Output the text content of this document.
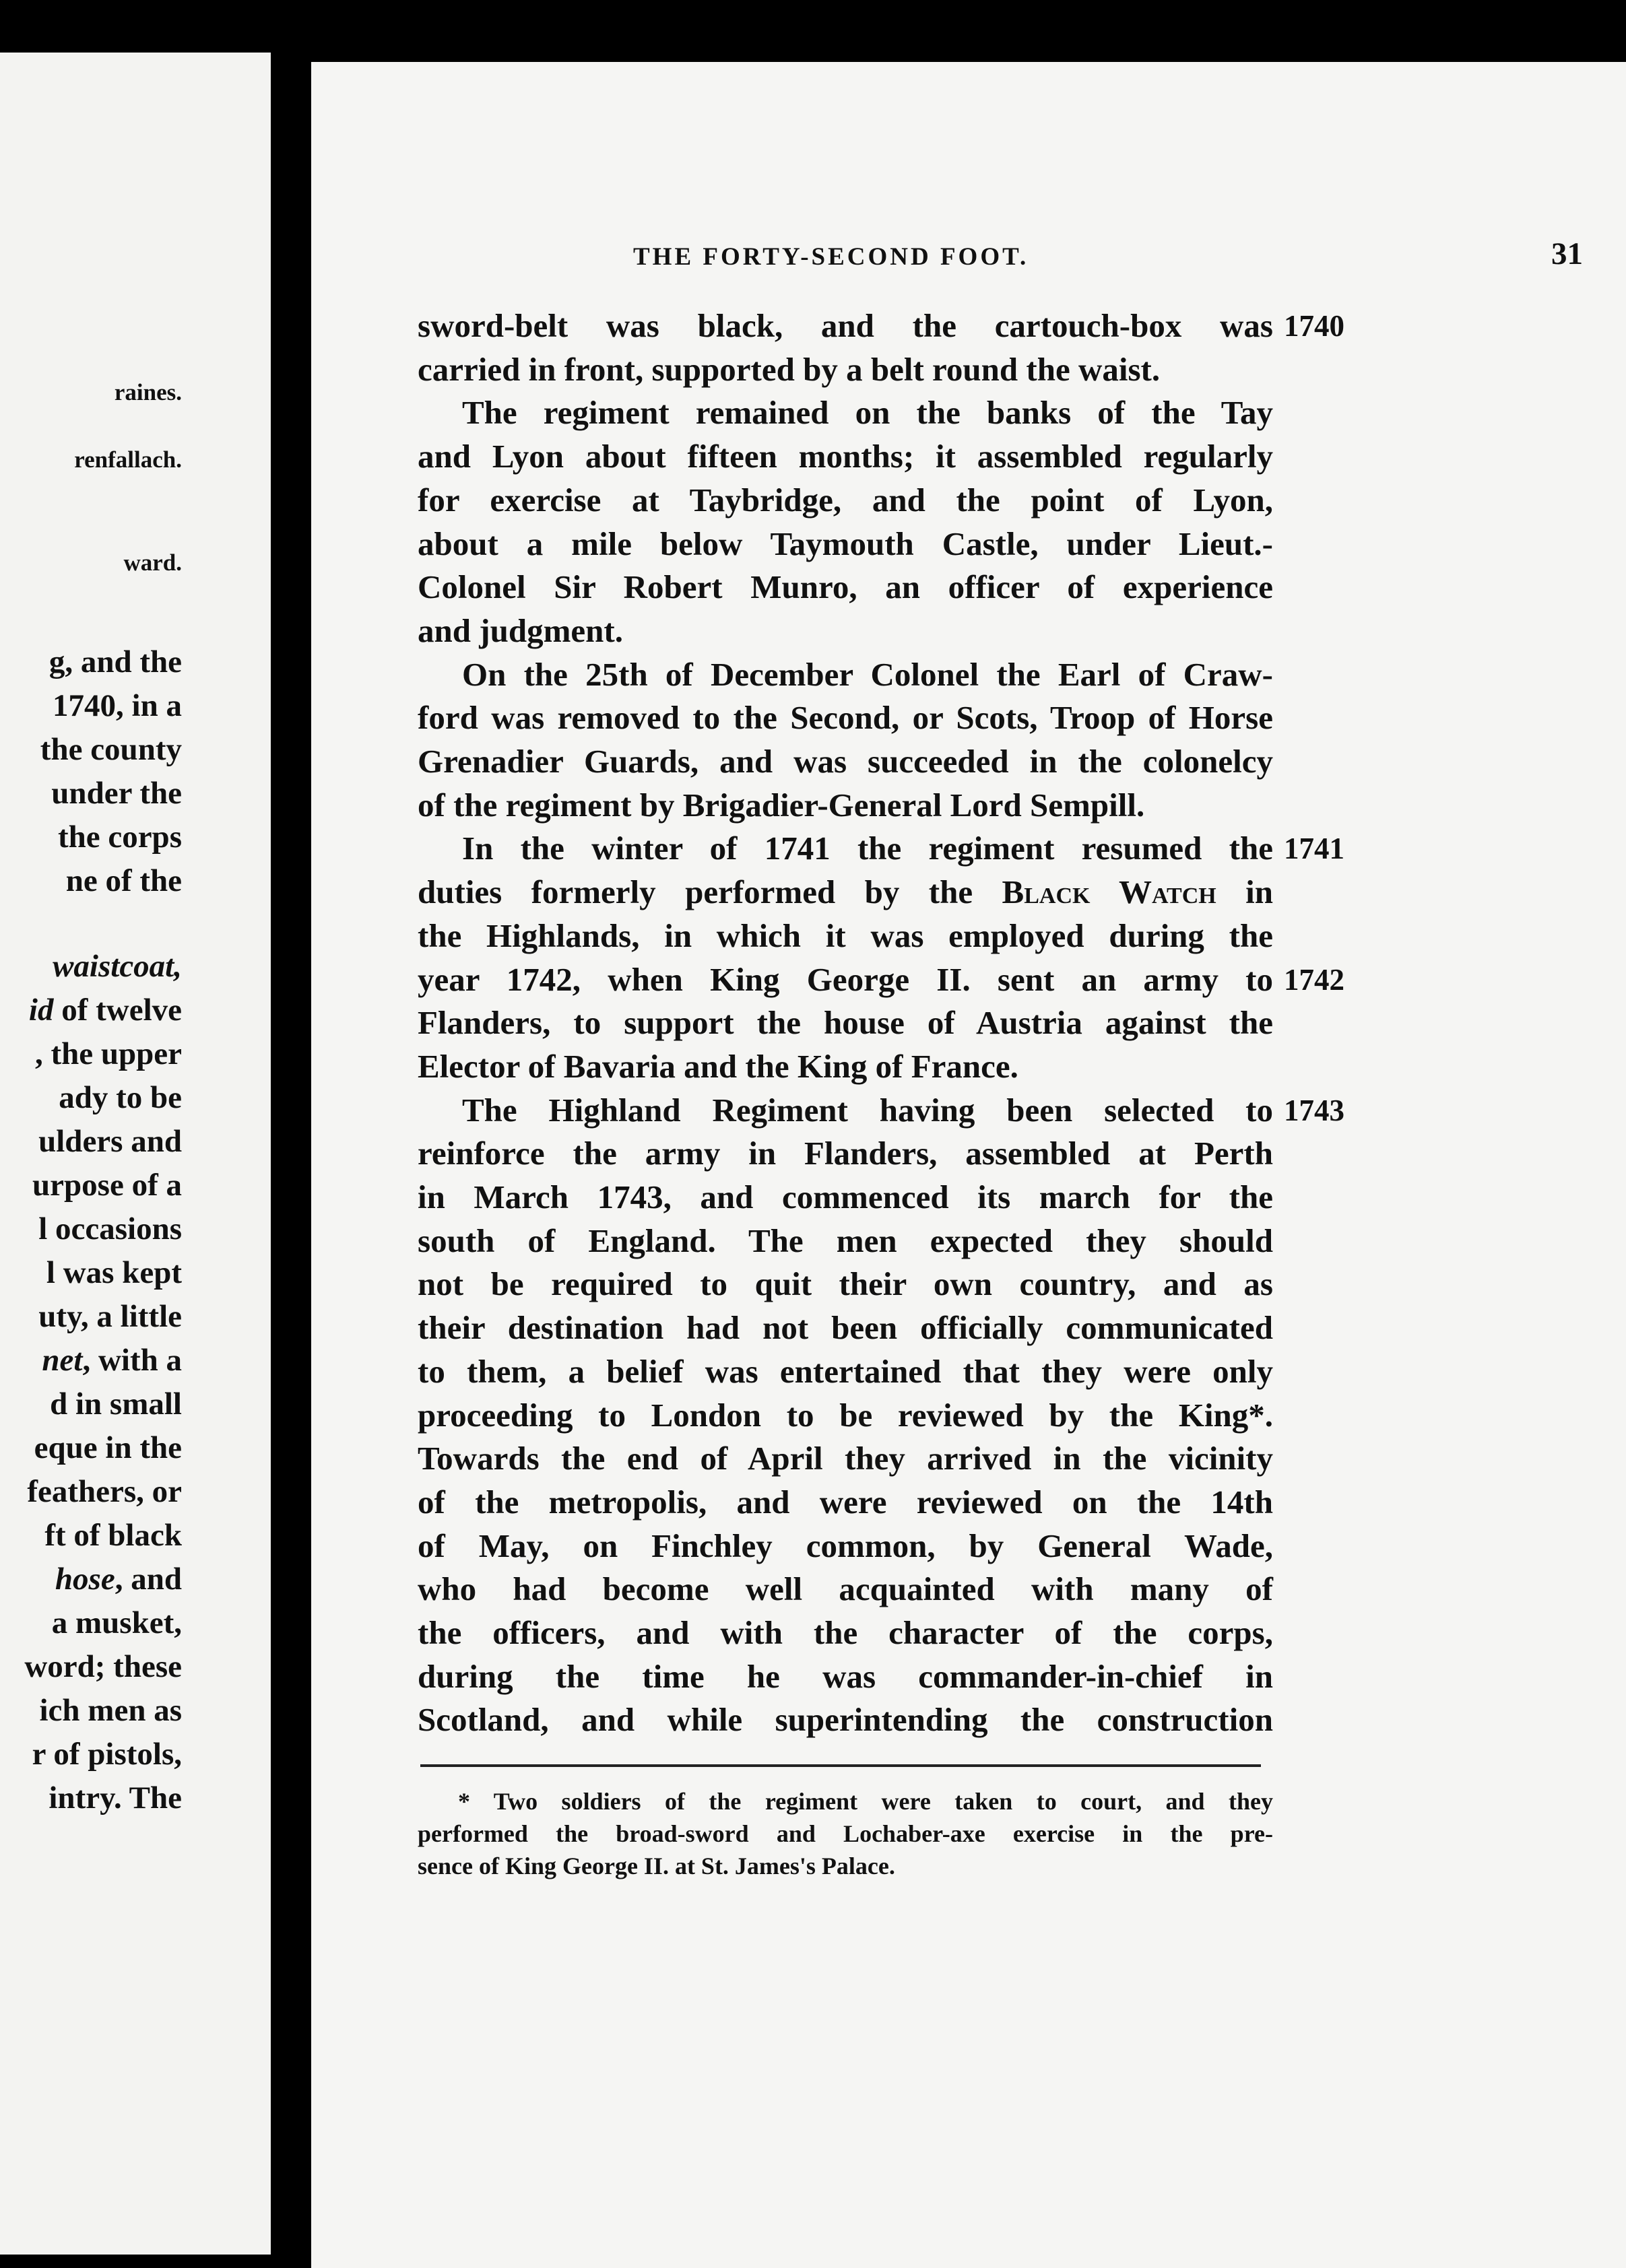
raines.
renfallach.
ward.
g, and the
1740, in a
the county
under the
the corps
ne of the
waistcoat,
id of twelve
, the upper
ady to be
ulders and
urpose of a
l occasions
l was kept
uty, a little
net, with a
d in small
eque in the
feathers, or
ft of black
hose, and
a musket,
word; these
ich men as
r of pistols,
intry. The
THE FORTY-SECOND FOOT.	31
sword-belt was black, and the cartouch-box was
carried in front, supported by a belt round the waist.
The regiment remained on the banks of the Tay
and Lyon about fifteen months; it assembled regularly
for exercise at Taybridge, and the point of Lyon,
about a mile below Taymouth Castle, under Lieut.-
Colonel Sir Robert Munro, an officer of experience
and judgment.
On the 25th of December Colonel the Earl of Craw-
ford was removed to the Second, or Scots, Troop of Horse
Grenadier Guards, and was succeeded in the colonelcy
of the regiment by Brigadier-General Lord Sempill.
In the winter of 1741 the regiment resumed the
duties formerly performed by the Black Watch in
the Highlands, in which it was employed during the
year 1742, when King George II. sent an army to
Flanders, to support the house of Austria against the
Elector of Bavaria and the King of France.
The Highland Regiment having been selected to
reinforce the army in Flanders, assembled at Perth
in March 1743, and commenced its march for the
south of England. The men expected they should
not be required to quit their own country, and as
their destination had not been officially communicated
to them, a belief was entertained that they were only
proceeding to London to be reviewed by the King*.
Towards the end of April they arrived in the vicinity
of the metropolis, and were reviewed on the 14th
of May, on Finchley common, by General Wade,
who had become well acquainted with many of
the officers, and with the character of the corps,
during the time he was commander-in-chief in
Scotland, and while superintending the construction
1740
1741
1742
1743
* Two soldiers of the regiment were taken to court, and they
performed the broad-sword and Lochaber-axe exercise in the pre-
sence of King George II. at St. James's Palace.
